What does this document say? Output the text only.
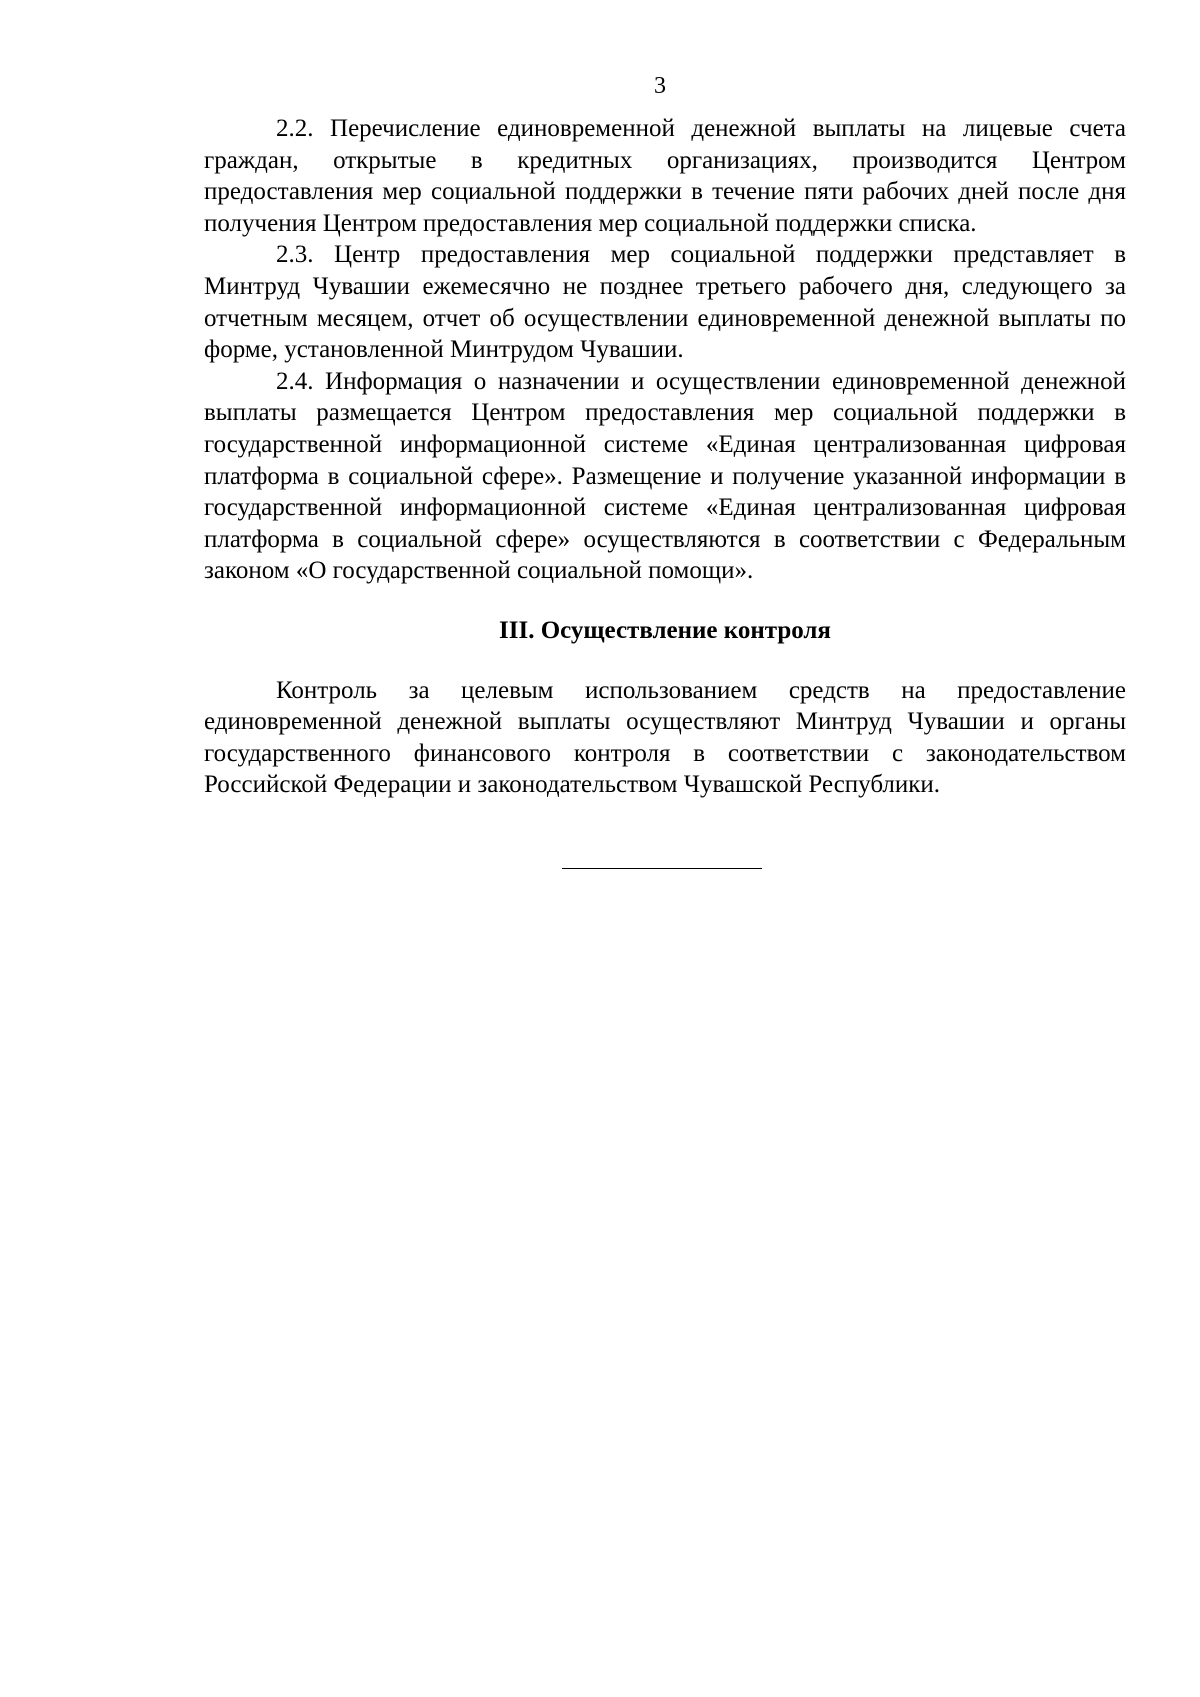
3

2.2. Перечисление единовременной денежной выплаты на лицевые счета граждан, открытые в кредитных организациях, производится Центром предоставления мер социальной поддержки в течение пяти рабочих дней после дня получения Центром предоставления мер социальной поддержки списка.

2.3. Центр предоставления мер социальной поддержки представляет в Минтруд Чувашии ежемесячно не позднее третьего рабочего дня, следующего за отчетным месяцем, отчет об осуществлении единовременной денежной выплаты по форме, установленной Минтрудом Чувашии.

2.4. Информация о назначении и осуществлении единовременной денежной выплаты размещается Центром предоставления мер социальной поддержки в государственной информационной системе «Единая централизованная цифровая платформа в социальной сфере». Размещение и получение указанной информации в государственной информационной системе «Единая централизованная цифровая платформа в социальной сфере» осуществляются в соответствии с Федеральным законом «О государственной социальной помощи».

III. Осуществление контроля

Контроль за целевым использованием средств на предоставление единовременной денежной выплаты осуществляют Минтруд Чувашии и органы государственного финансового контроля в соответствии с законодательством Российской Федерации и законодательством Чувашской Республики.
